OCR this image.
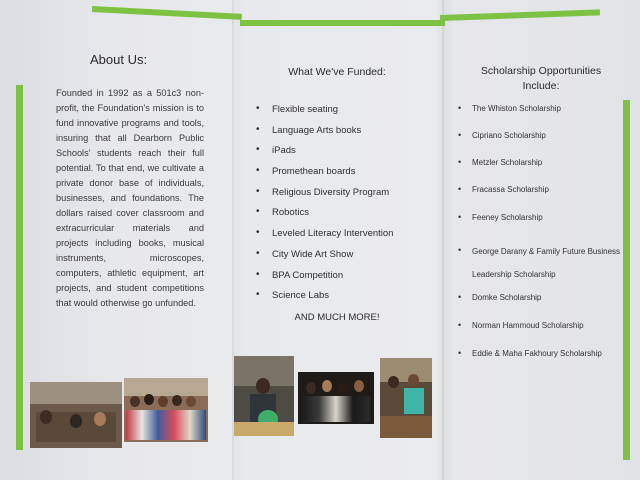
About Us:
Founded in 1992 as a 501c3 non-profit, the Foundation's mission is to fund innovative programs and tools, insuring that all Dearborn Public Schools' students reach their full potential. To that end, we cultivate a private donor base of individuals, businesses, and foundations. The dollars raised cover classroom and extracurricular materials and projects including books, musical instruments, microscopes, computers, athletic equipment, art projects, and student competitions that would otherwise go unfunded.
What We've Funded:
• Flexible seating
• Language Arts books
• iPads
• Promethean boards
• Religious Diversity Program
• Robotics
• Leveled Literacy Intervention
• City Wide Art Show
• BPA Competition
• Science Labs
AND MUCH MORE!
Scholarship Opportunities
Include:
• The Whiston Scholarship
• Cipriano Scholarship
• Metzler Scholarship
• Fracassa Scholarship
• Feeney Scholarship
• George Darany & Family Future Business Leadership Scholarship
• Domke Scholarship
• Norman Hammoud Scholarship
• Eddie & Maha Fakhoury Scholarship
